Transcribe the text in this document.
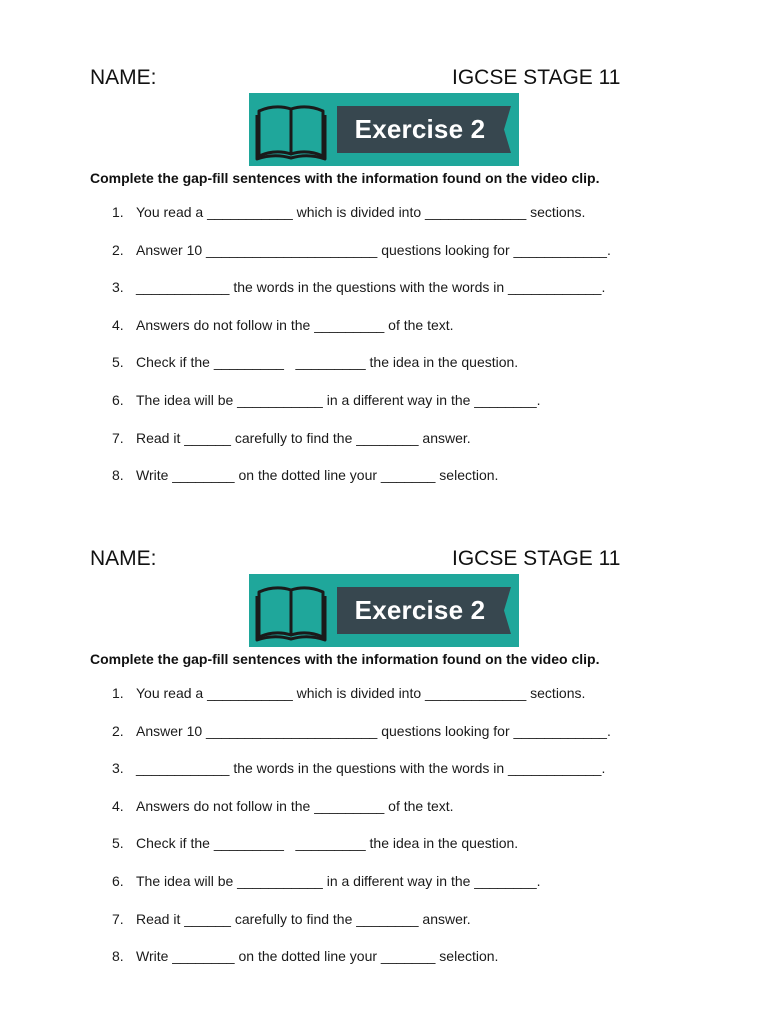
NAME:	IGCSE STAGE 11
Exercise 2
Complete the gap-fill sentences with the information found on the video clip.
1. You read a ___________ which is divided into _____________ sections.
2. Answer 10 ______________________ questions looking for ____________.
3. ____________ the words in the questions with the words in ____________.
4. Answers do not follow in the _________ of the text.
5. Check if the _________   _________ the idea in the question.
6. The idea will be ___________ in a different way in the ________.
7. Read it ______ carefully to find the ________ answer.
8. Write ________ on the dotted line your _______ selection.
NAME:	IGCSE STAGE 11
Exercise 2
Complete the gap-fill sentences with the information found on the video clip.
1. You read a ___________ which is divided into _____________ sections.
2. Answer 10 ______________________ questions looking for ____________.
3. ____________ the words in the questions with the words in ____________.
4. Answers do not follow in the _________ of the text.
5. Check if the _________   _________ the idea in the question.
6. The idea will be ___________ in a different way in the ________.
7. Read it ______ carefully to find the ________ answer.
8. Write ________ on the dotted line your _______ selection.
